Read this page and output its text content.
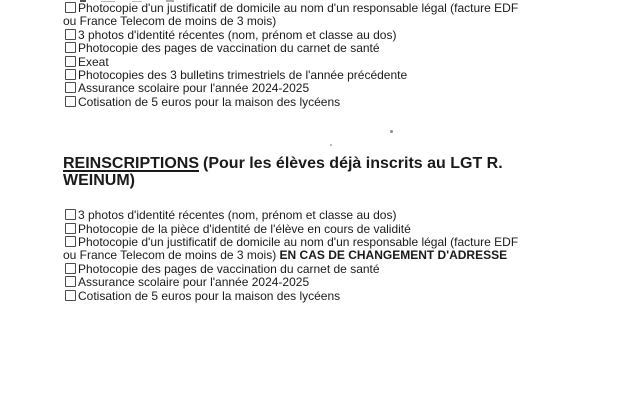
Photocopie d'un justificatif de domicile au nom d'un responsable légal (facture EDF ou France Telecom de moins de 3 mois)
3 photos d'identité récentes (nom, prénom et classe au dos)
Photocopie des pages de vaccination du carnet de santé
Exeat
Photocopies des 3 bulletins trimestriels de l'année précédente
Assurance scolaire pour l'année 2024-2025
Cotisation de 5 euros pour la maison des lycéens
REINSCRIPTIONS (Pour les élèves déjà inscrits au LGT R. WEINUM)
3 photos d'identité récentes (nom, prénom et classe au dos)
Photocopie de la pièce d'identité de l'élève en cours de validité
Photocopie d'un justificatif de domicile au nom d'un responsable légal (facture EDF ou France Telecom de moins de 3 mois) EN CAS DE CHANGEMENT D'ADRESSE
Photocopie des pages de vaccination du carnet de santé
Assurance scolaire pour l'année 2024-2025
Cotisation de 5 euros pour la maison des lycéens
